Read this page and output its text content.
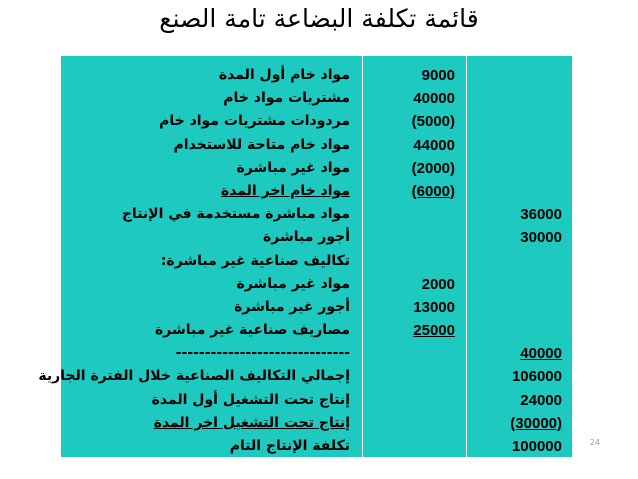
قائمة تكلفة البضاعة تامة الصنع
مواد خام أول المدة
مشتريات مواد خام
مردودات مشتريات مواد خام
مواد خام متاحة للاستخدام
مواد غير مباشرة
مواد خام اخر المدة
مواد مباشرة مستخدمة في الإنتاج
أجور مباشرة
تكاليف صناعية غير مباشرة:
مواد غير مباشرة
أجور غير مباشرة
مصاريف صناعية غير مباشرة
------------------------------
إجمالي التكاليف الصناعية خلال الفترة الجارية
إنتاج تحت التشغيل أول المدة
إنتاج تحت التشغيل اخر المدة
تكلفة الإنتاج التام
9000
40000
(5000)
44000
(2000)
(6000)
2000
13000
25000
36000
30000
40000
106000
24000
(30000)
100000	24
